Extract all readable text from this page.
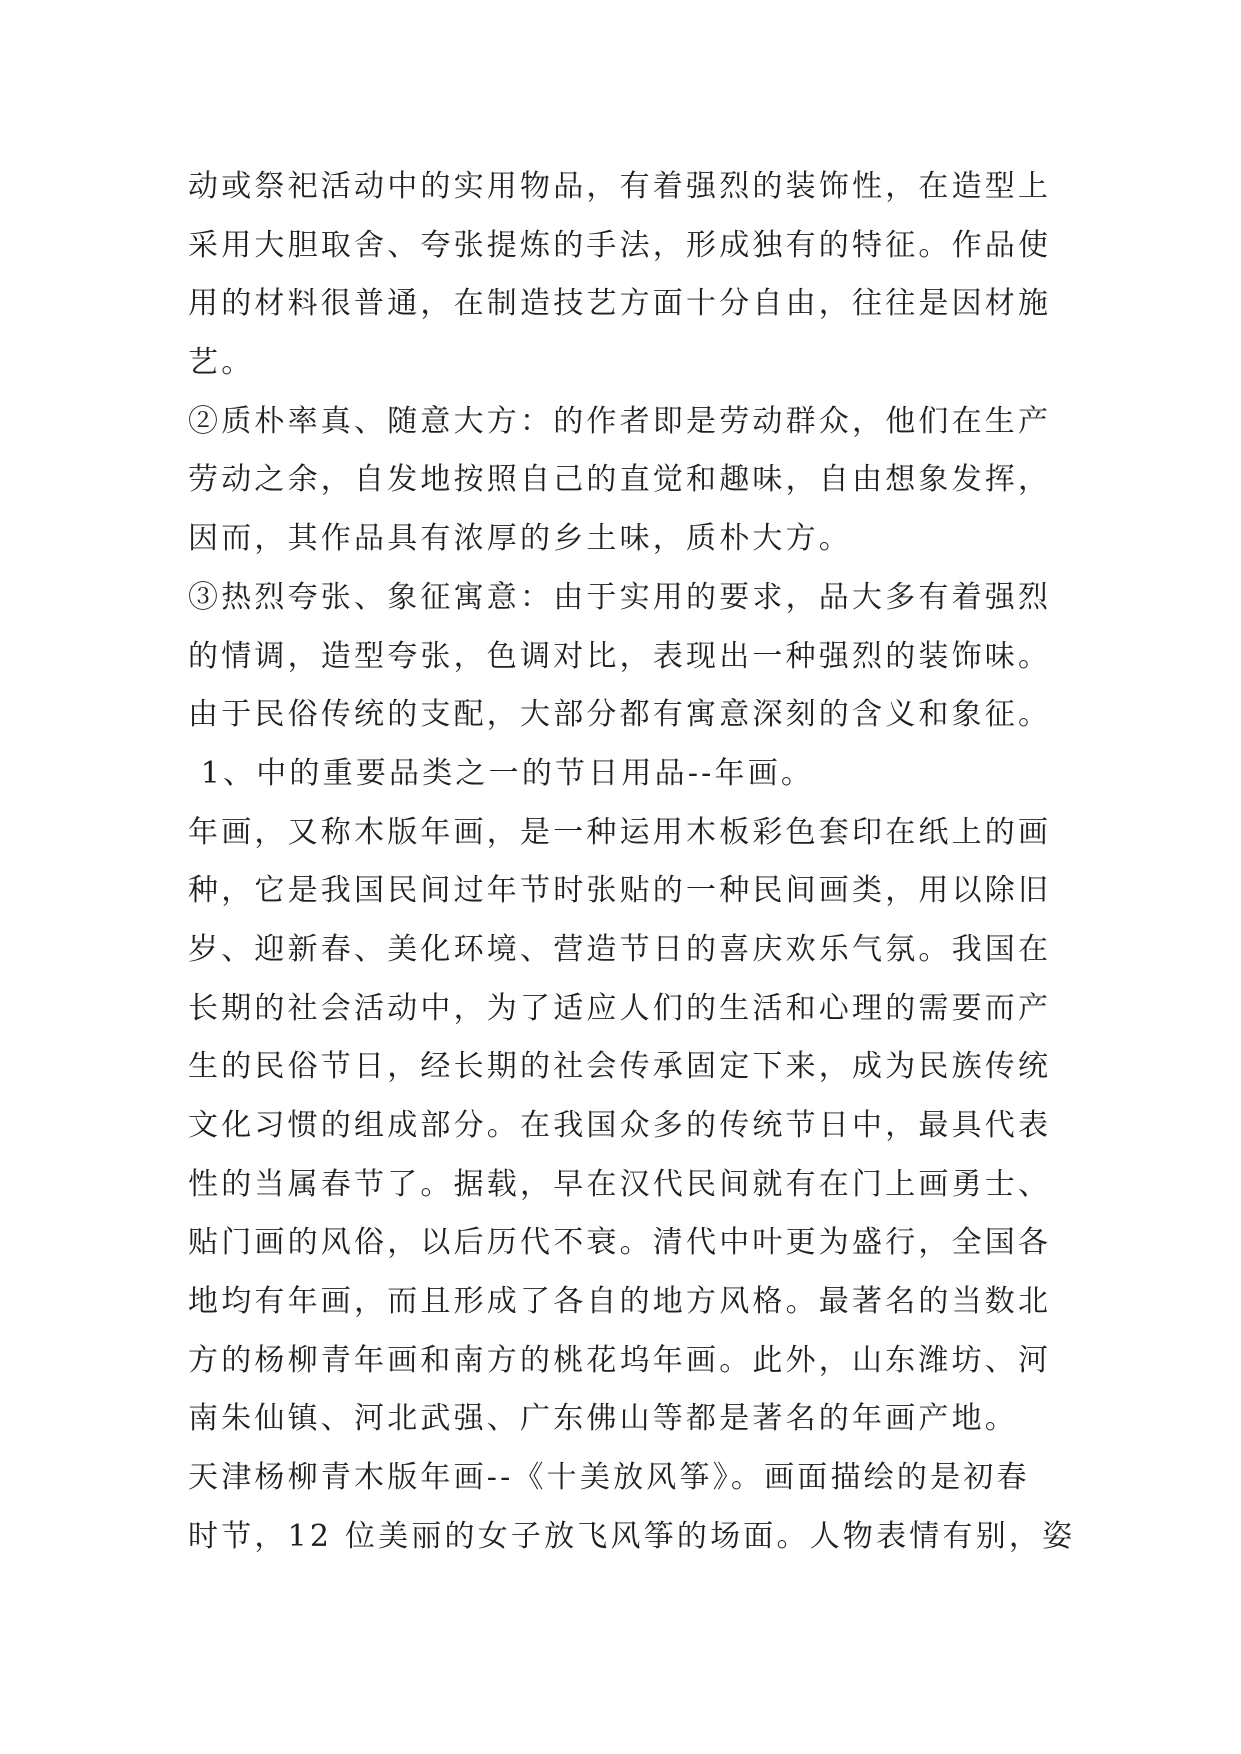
动或祭祀活动中的实用物品，有着强烈的装饰性，在造型上
采用大胆取舍、夸张提炼的手法，形成独有的特征。作品使
用的材料很普通，在制造技艺方面十分自由，往往是因材施
艺。
②质朴率真、随意大方：的作者即是劳动群众，他们在生产
劳动之余，自发地按照自己的直觉和趣味，自由想象发挥，
因而，其作品具有浓厚的乡土味，质朴大方。
③热烈夸张、象征寓意：由于实用的要求，品大多有着强烈
的情调，造型夸张，色调对比，表现出一种强烈的装饰味。
由于民俗传统的支配，大部分都有寓意深刻的含义和象征。
1、中的重要品类之一的节日用品--年画。
年画，又称木版年画，是一种运用木板彩色套印在纸上的画
种，它是我国民间过年节时张贴的一种民间画类，用以除旧
岁、迎新春、美化环境、营造节日的喜庆欢乐气氛。我国在
长期的社会活动中，为了适应人们的生活和心理的需要而产
生的民俗节日，经长期的社会传承固定下来，成为民族传统
文化习惯的组成部分。在我国众多的传统节日中，最具代表
性的当属春节了。据载，早在汉代民间就有在门上画勇士、
贴门画的风俗，以后历代不衰。清代中叶更为盛行，全国各
地均有年画，而且形成了各自的地方风格。最著名的当数北
方的杨柳青年画和南方的桃花坞年画。此外，山东潍坊、河
南朱仙镇、河北武强、广东佛山等都是著名的年画产地。
天津杨柳青木版年画--《十美放风筝》。画面描绘的是初春
时节，12 位美丽的女子放飞风筝的场面。人物表情有别，姿
